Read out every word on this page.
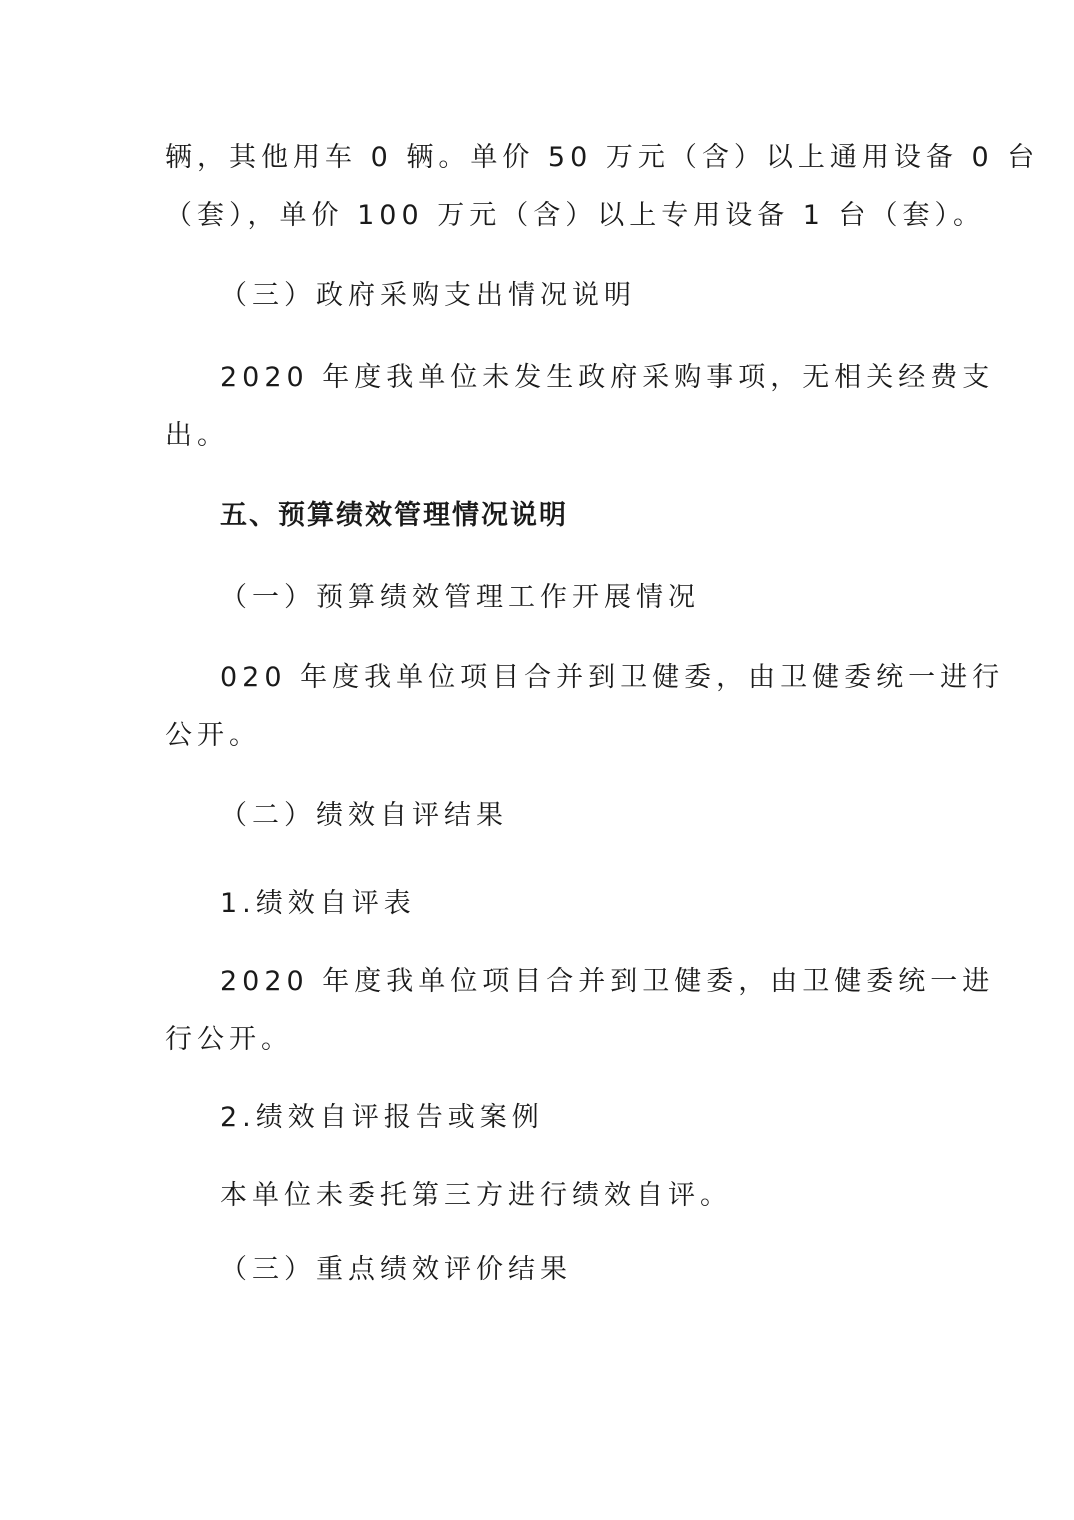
辆，其他用车 0 辆。单价 50 万元（含）以上通用设备 0 台
（套），单价 100 万元（含）以上专用设备 1 台（套）。
（三）政府采购支出情况说明
2020 年度我单位未发生政府采购事项，无相关经费支
出。
五、预算绩效管理情况说明
（一）预算绩效管理工作开展情况
020 年度我单位项目合并到卫健委，由卫健委统一进行
公开。
（二）绩效自评结果
1.绩效自评表
2020 年度我单位项目合并到卫健委，由卫健委统一进
行公开。
2.绩效自评报告或案例
本单位未委托第三方进行绩效自评。
（三）重点绩效评价结果
